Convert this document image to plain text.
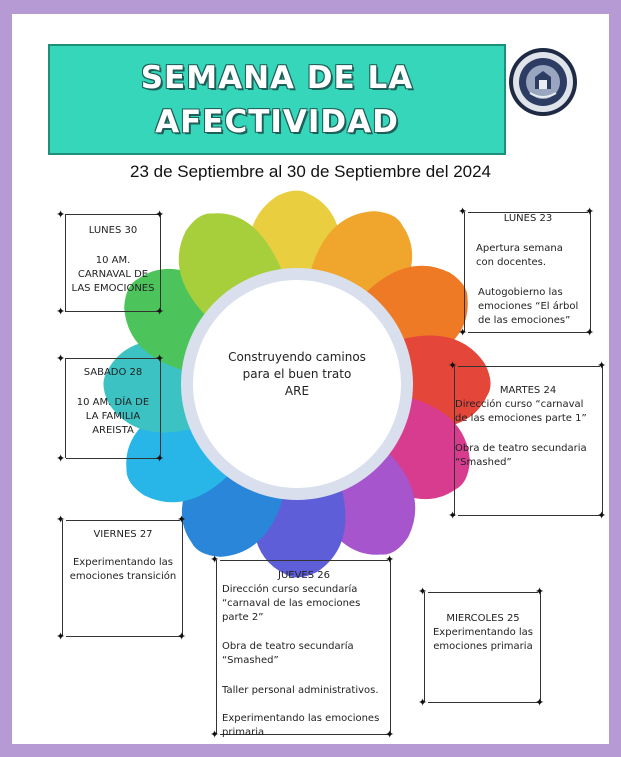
SEMANA DE LA
AFECTIVIDAD
23 de Septiembre al 30 de Septiembre del 2024
Construyendo caminos
para el buen trato
ARE
✦	✦
✦	✦
LUNES 30
10 AM.
CARNAVAL DE
LAS EMOCIONES
✦	✦
✦	✦
SABADO 28
10 AM. DÍA DE
LA FAMILIA
AREISTA
✦	✦
✦	✦
VIERNES 27
Experimentando las
emociones transición
✦	✦
✦	✦
LUNES 23
Apertura semana
con docentes.
Autogobierno las
emociones “El árbol
de las emociones”
✦	✦
✦	✦
MARTES 24
Dirección curso “carnaval
de las emociones parte 1”
Obra de teatro secundaria
“Smashed”
✦	✦
✦	✦
JUEVES 26
Dirección curso secundaría
“carnaval de las emociones
parte 2”
Obra de teatro secundaría
“Smashed”
Taller personal administrativos.
Experimentando las emociones
primaria
✦	✦
✦	✦
MIERCOLES 25
Experimentando las
emociones primaria
